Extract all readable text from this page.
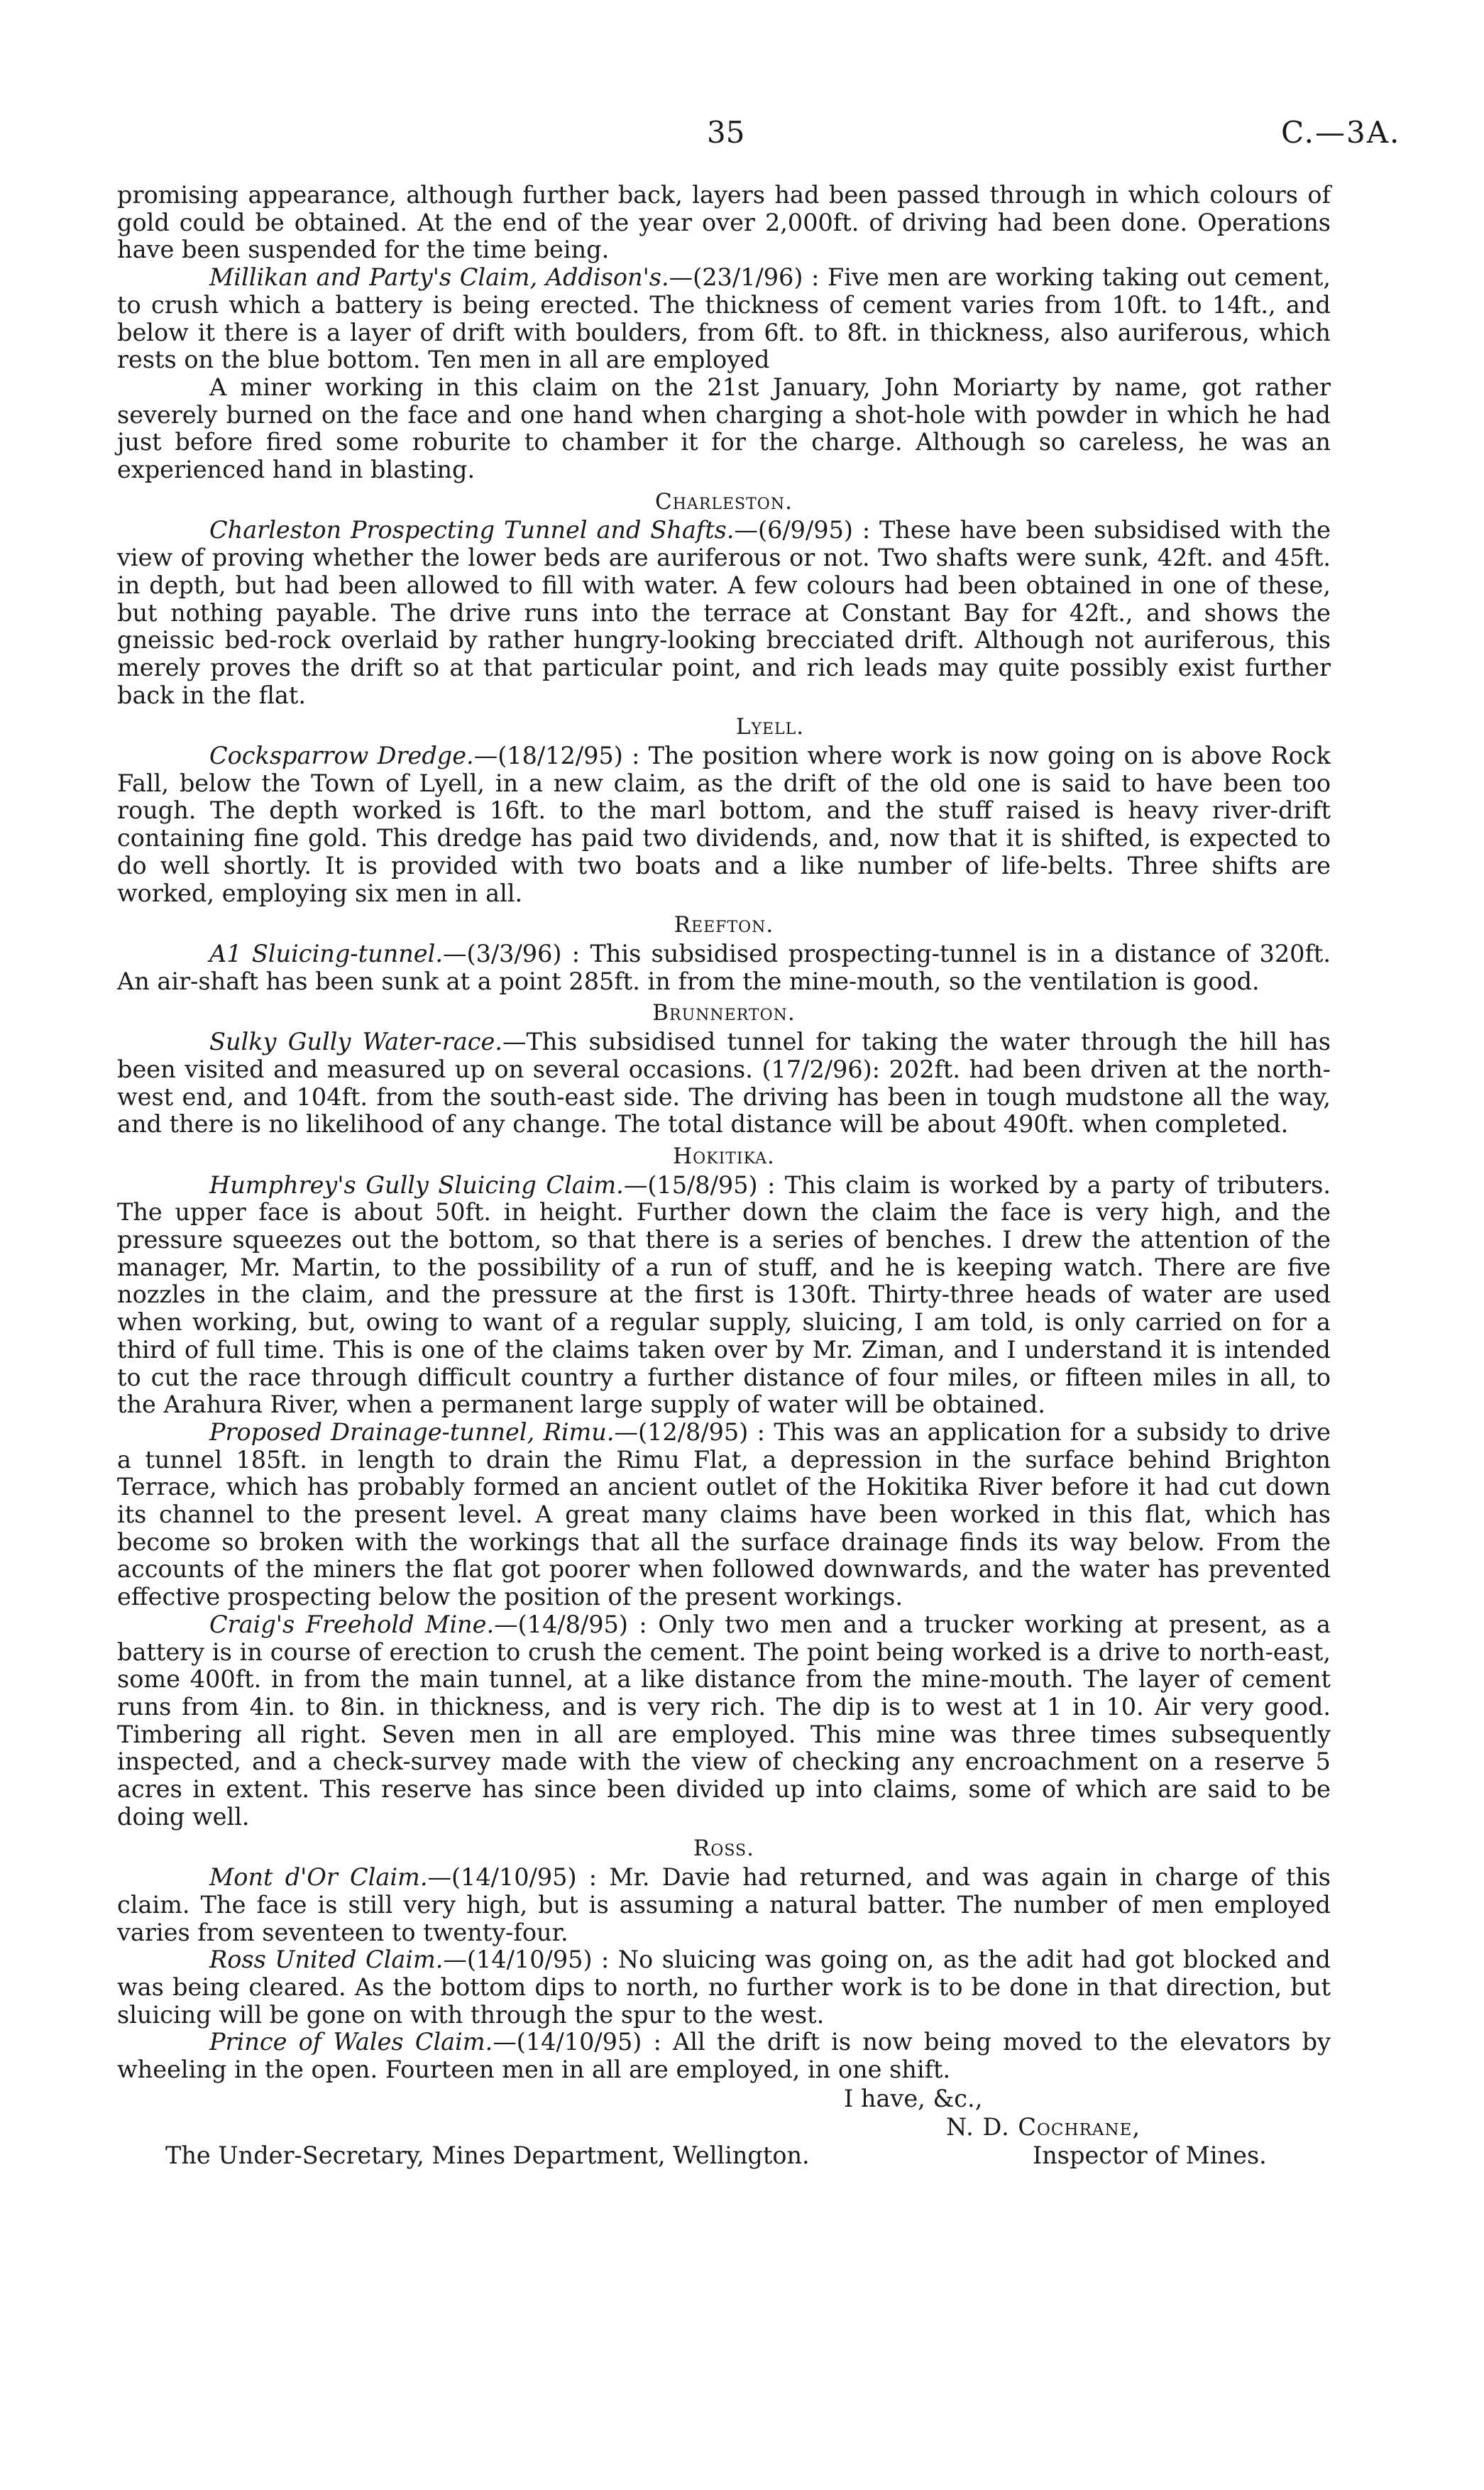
35	C.—3A.

promising appearance, although further back, layers had been passed through in which colours of gold could be obtained. At the end of the year over 2,000ft. of driving had been done. Operations have been suspended for the time being.

Millikan and Party's Claim, Addison's.—(23/1/96) : Five men are working taking out cement, to crush which a battery is being erected. The thickness of cement varies from 10ft. to 14ft., and below it there is a layer of drift with boulders, from 6ft. to 8ft. in thickness, also auriferous, which rests on the blue bottom. Ten men in all are employed

A miner working in this claim on the 21st January, John Moriarty by name, got rather severely burned on the face and one hand when charging a shot-hole with powder in which he had just before fired some roburite to chamber it for the charge. Although so careless, he was an experienced hand in blasting.

Charleston.

Charleston Prospecting Tunnel and Shafts.—(6/9/95) : These have been subsidised with the view of proving whether the lower beds are auriferous or not. Two shafts were sunk, 42ft. and 45ft. in depth, but had been allowed to fill with water. A few colours had been obtained in one of these, but nothing payable. The drive runs into the terrace at Constant Bay for 42ft., and shows the gneissic bed-rock overlaid by rather hungry-looking brecciated drift. Although not auriferous, this merely proves the drift so at that particular point, and rich leads may quite possibly exist further back in the flat.

Lyell.

Cocksparrow Dredge.—(18/12/95) : The position where work is now going on is above Rock Fall, below the Town of Lyell, in a new claim, as the drift of the old one is said to have been too rough. The depth worked is 16ft. to the marl bottom, and the stuff raised is heavy river-drift containing fine gold. This dredge has paid two dividends, and, now that it is shifted, is expected to do well shortly. It is provided with two boats and a like number of life-belts. Three shifts are worked, employing six men in all.

Reefton.

A1 Sluicing-tunnel.—(3/3/96) : This subsidised prospecting-tunnel is in a distance of 320ft. An air-shaft has been sunk at a point 285ft. in from the mine-mouth, so the ventilation is good.

Brunnerton.

Sulky Gully Water-race.—This subsidised tunnel for taking the water through the hill has been visited and measured up on several occasions. (17/2/96): 202ft. had been driven at the north-west end, and 104ft. from the south-east side. The driving has been in tough mudstone all the way, and there is no likelihood of any change. The total distance will be about 490ft. when completed.

Hokitika.

Humphrey's Gully Sluicing Claim.—(15/8/95) : This claim is worked by a party of tributers. The upper face is about 50ft. in height. Further down the claim the face is very high, and the pressure squeezes out the bottom, so that there is a series of benches. I drew the attention of the manager, Mr. Martin, to the possibility of a run of stuff, and he is keeping watch. There are five nozzles in the claim, and the pressure at the first is 130ft. Thirty-three heads of water are used when working, but, owing to want of a regular supply, sluicing, I am told, is only carried on for a third of full time. This is one of the claims taken over by Mr. Ziman, and I understand it is intended to cut the race through difficult country a further distance of four miles, or fifteen miles in all, to the Arahura River, when a permanent large supply of water will be obtained.

Proposed Drainage-tunnel, Rimu.—(12/8/95) : This was an application for a subsidy to drive a tunnel 185ft. in length to drain the Rimu Flat, a depression in the surface behind Brighton Terrace, which has probably formed an ancient outlet of the Hokitika River before it had cut down its channel to the present level. A great many claims have been worked in this flat, which has become so broken with the workings that all the surface drainage finds its way below. From the accounts of the miners the flat got poorer when followed downwards, and the water has prevented effective prospecting below the position of the present workings.

Craig's Freehold Mine.—(14/8/95) : Only two men and a trucker working at present, as a battery is in course of erection to crush the cement. The point being worked is a drive to north-east, some 400ft. in from the main tunnel, at a like distance from the mine-mouth. The layer of cement runs from 4in. to 8in. in thickness, and is very rich. The dip is to west at 1 in 10. Air very good. Timbering all right. Seven men in all are employed. This mine was three times subsequently inspected, and a check-survey made with the view of checking any encroachment on a reserve 5 acres in extent. This reserve has since been divided up into claims, some of which are said to be doing well.

Ross.

Mont d'Or Claim.—(14/10/95) : Mr. Davie had returned, and was again in charge of this claim. The face is still very high, but is assuming a natural batter. The number of men employed varies from seventeen to twenty-four.

Ross United Claim.—(14/10/95) : No sluicing was going on, as the adit had got blocked and was being cleared. As the bottom dips to north, no further work is to be done in that direction, but sluicing will be gone on with through the spur to the west.

Prince of Wales Claim.—(14/10/95) : All the drift is now being moved to the elevators by wheeling in the open. Fourteen men in all are employed, in one shift.

I have, &c.,
N. D. Cochrane,
The Under-Secretary, Mines Department, Wellington.	Inspector of Mines.
